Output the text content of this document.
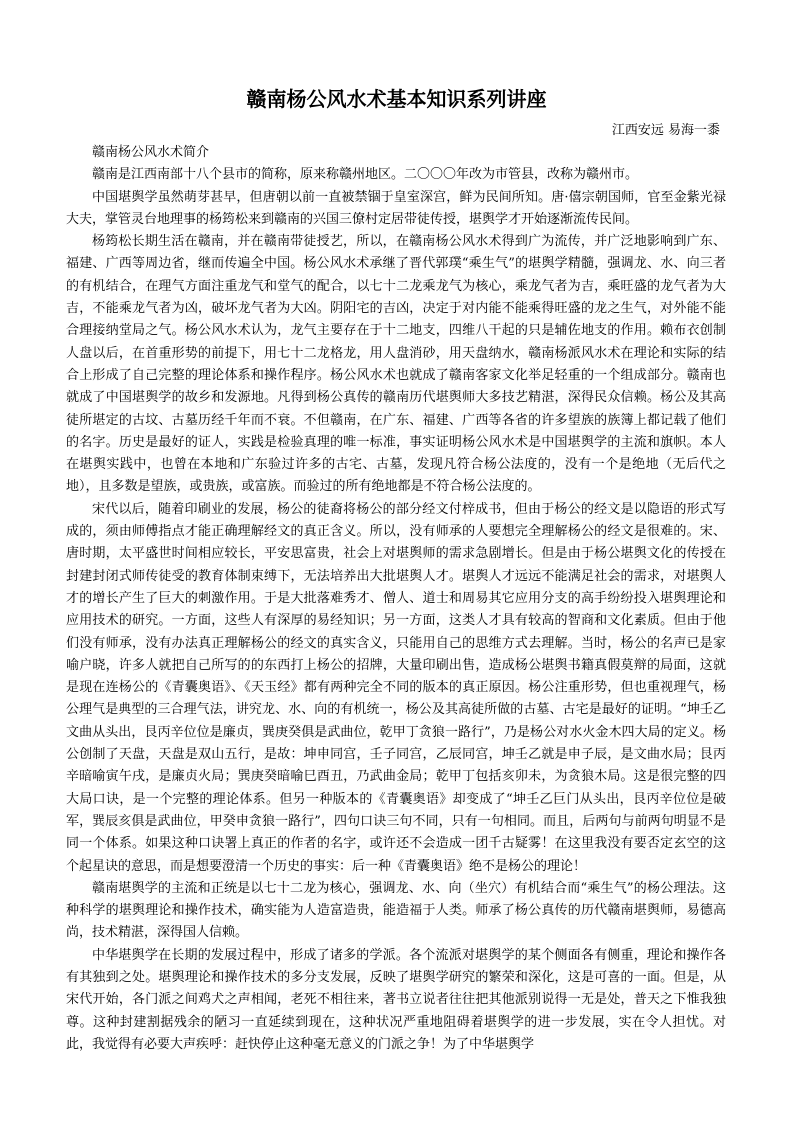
赣南杨公风水术基本知识系列讲座
江西安远 易海一黍

赣南杨公风水术简介

赣南是江西南部十八个县市的简称，原来称赣州地区。二〇〇〇年改为市管县，改称为赣州市。

中国堪舆学虽然萌芽甚早，但唐朝以前一直被禁锢于皇室深宫，鲜为民间所知。唐·僖宗朝国师，官至金紫光禄大夫，掌管灵台地理事的杨筠松来到赣南的兴国三僚村定居带徒传授，堪舆学才开始逐渐流传民间。

杨筠松长期生活在赣南，并在赣南带徒授艺，所以，在赣南杨公风水术得到广为流传，并广泛地影响到广东、福建、广西等周边省，继而传遍全中国。杨公风水术承继了晋代郭璞“乘生气”的堪舆学精髓，强调龙、水、向三者的有机结合，在理气方面注重龙气和堂气的配合，以七十二龙乘龙气为核心，乘龙气者为吉，乘旺盛的龙气者为大吉，不能乘龙气者为凶，破坏龙气者为大凶。阴阳宅的吉凶，决定于对内能不能乘得旺盛的龙之生气，对外能不能合理接纳堂局之气。杨公风水术认为，龙气主要存在于十二地支，四维八干起的只是辅佐地支的作用。赖布衣创制人盘以后，在首重形势的前提下，用七十二龙格龙，用人盘消砂，用天盘纳水，赣南杨派风水术在理论和实际的结合上形成了自己完整的理论体系和操作程序。杨公风水术也就成了赣南客家文化举足轻重的一个组成部分。赣南也就成了中国堪舆学的故乡和发源地。凡得到杨公真传的赣南历代堪舆师大多技艺精湛，深得民众信赖。杨公及其高徒所堪定的古坟、古墓历经千年而不衰。不但赣南，在广东、福建、广西等各省的许多望族的族簿上都记载了他们的名字。历史是最好的证人，实践是检验真理的唯一标准，事实证明杨公风水术是中国堪舆学的主流和旗帜。本人在堪舆实践中，也曾在本地和广东验过许多的古宅、古墓，发现凡符合杨公法度的，没有一个是绝地（无后代之地），且多数是望族，或贵族，或富族。而验过的所有绝地都是不符合杨公法度的。

宋代以后，随着印刷业的发展，杨公的徒裔将杨公的部分经文付梓成书，但由于杨公的经文是以隐语的形式写成的，须由师傅指点才能正确理解经文的真正含义。所以，没有师承的人要想完全理解杨公的经文是很难的。宋、唐时期，太平盛世时间相应较长，平安思富贵，社会上对堪舆师的需求急剧增长。但是由于杨公堪舆文化的传授在封建封闭式师传徒受的教育体制束缚下，无法培养出大批堪舆人才。堪舆人才远远不能满足社会的需求，对堪舆人才的增长产生了巨大的刺激作用。于是大批落难秀才、僧人、道士和周易其它应用分支的高手纷纷投入堪舆理论和应用技术的研究。一方面，这些人有深厚的易经知识；另一方面，这类人才具有较高的智商和文化素质。但由于他们没有师承，没有办法真正理解杨公的经文的真实含义，只能用自己的思维方式去理解。当时，杨公的名声已是家喻户晓，许多人就把自己所写的的东西打上杨公的招牌，大量印刷出售，造成杨公堪舆书籍真假莫辩的局面，这就是现在连杨公的《青囊奥语》、《天玉经》都有两种完全不同的版本的真正原因。杨公注重形势，但也重视理气，杨公理气是典型的三合理气法，讲究龙、水、向的有机统一，杨公及其高徒所做的古墓、古宅是最好的证明。“坤壬乙文曲从头出，艮丙辛位位是廉贞，巽庚癸俱是武曲位，乾甲丁贪狼一路行”，乃是杨公对水火金木四大局的定义。杨公创制了天盘，天盘是双山五行，是故：坤申同宫，壬子同宫，乙辰同宫，坤壬乙就是申子辰，是文曲水局；艮丙辛暗喻寅午戌，是廉贞火局；巽庚癸暗喻巳酉丑，乃武曲金局；乾甲丁包括亥卯未，为贪狼木局。这是很完整的四大局口诀，是一个完整的理论体系。但另一种版本的《青囊奥语》却变成了“坤壬乙巨门从头出，艮丙辛位位是破军，巽辰亥俱是武曲位，甲癸申贪狼一路行”，四句口诀三句不同，只有一句相同。而且，后两句与前两句明显不是同一个体系。如果这种口诀署上真正的作者的名字，或许还不会造成一团千古疑雾！在这里我没有要否定玄空的这个起星诀的意思，而是想要澄清一个历史的事实：后一种《青囊奥语》绝不是杨公的理论！

赣南堪舆学的主流和正统是以七十二龙为核心，强调龙、水、向（坐穴）有机结合而“乘生气”的杨公理法。这种科学的堪舆理论和操作技术，确实能为人造富造贵，能造福于人类。师承了杨公真传的历代赣南堪舆师，易德高尚，技术精湛，深得国人信赖。

中华堪舆学在长期的发展过程中，形成了诸多的学派。各个流派对堪舆学的某个侧面各有侧重，理论和操作各有其独到之处。堪舆理论和操作技术的多分支发展，反映了堪舆学研究的繁荣和深化，这是可喜的一面。但是，从宋代开始，各门派之间鸡犬之声相闻，老死不相往来，著书立说者往往把其他派别说得一无是处，普天之下惟我独尊。这种封建割据残余的陋习一直延续到现在，这种状况严重地阻碍着堪舆学的进一步发展，实在令人担忧。对此，我觉得有必要大声疾呼：赶快停止这种毫无意义的门派之争！为了中华堪舆学
